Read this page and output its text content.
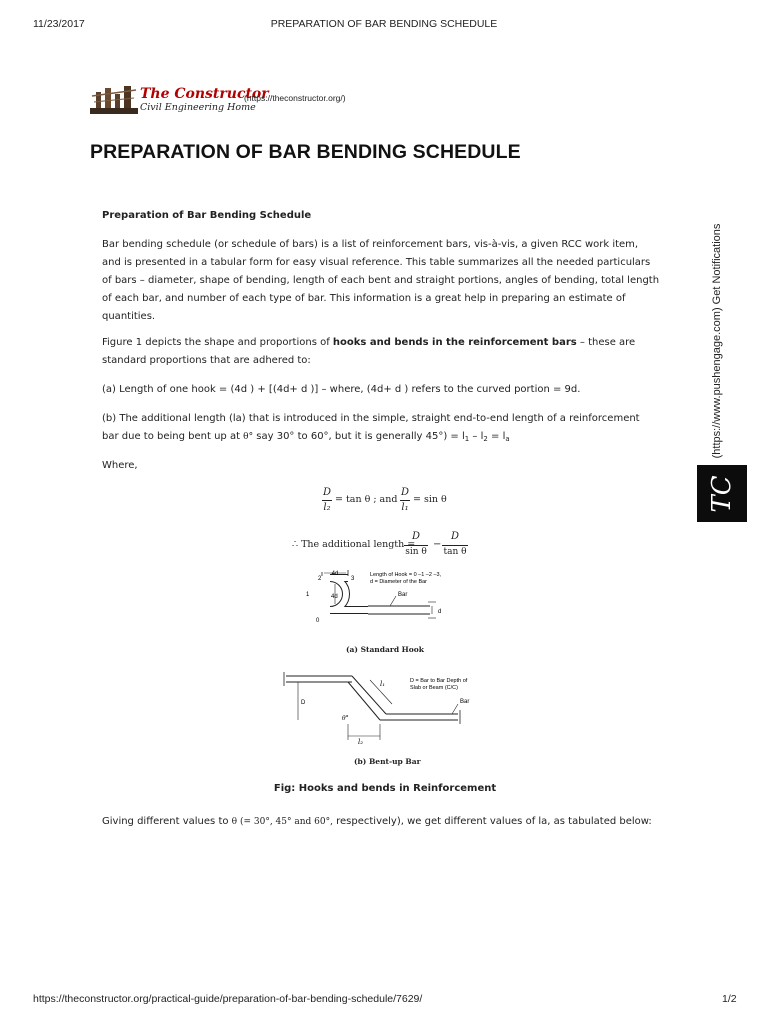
11/23/2017	PREPARATION OF BAR BENDING SCHEDULE
The Constructor
Civil Engineering Home
(https://theconstructor.org/)
PREPARATION OF BAR BENDING SCHEDULE
Preparation of Bar Bending Schedule
Bar bending schedule (or schedule of bars) is a list of reinforcement bars, vis-à-vis, a given RCC work item,
and is presented in a tabular form for easy visual reference. This table summarizes all the needed particulars
of bars – diameter, shape of bending, length of each bent and straight portions, angles of bending, total length
of each bar, and number of each type of bar. This information is a great help in preparing an estimate of
quantities.
Figure 1 depicts the shape and proportions of hooks and bends in the reinforcement bars – these are
standard proportions that are adhered to:
(a) Length of one hook = (4d ) + [(4d+ d )] – where, (4d+ d ) refers to the curved portion = 9d.
(b) The additional length (la) that is introduced in the simple, straight end-to-end length of a reinforcement
bar due to being bent up at θ° say 30° to 60°, but it is generally $45^\circ) = l_1 - l_2 = l_a$
Where,
D
l₂
= tan θ ; and
D
l₁
= sin θ
∴ The additional length =
D
sin θ
−
D
tan θ
4d
4d
d
2	3
1
0
Bar
Length of Hook = 0 –1 –2 –3,
d = Diameter of the Bar
(a) Standard Hook
D
l₁
l₂
θ°
D = Bar to Bar Depth of
Slab or Beam (C/C)
Bar
(b) Bent-up Bar
Fig: Hooks and bends in Reinforcement
Giving different values to θ (= 30°, 45° and 60°, respectively), we get different values of la, as tabulated below:
(https://www.pushengage.com) Get Notifications
TC
https://theconstructor.org/practical-guide/preparation-of-bar-bending-schedule/7629/	1/2
